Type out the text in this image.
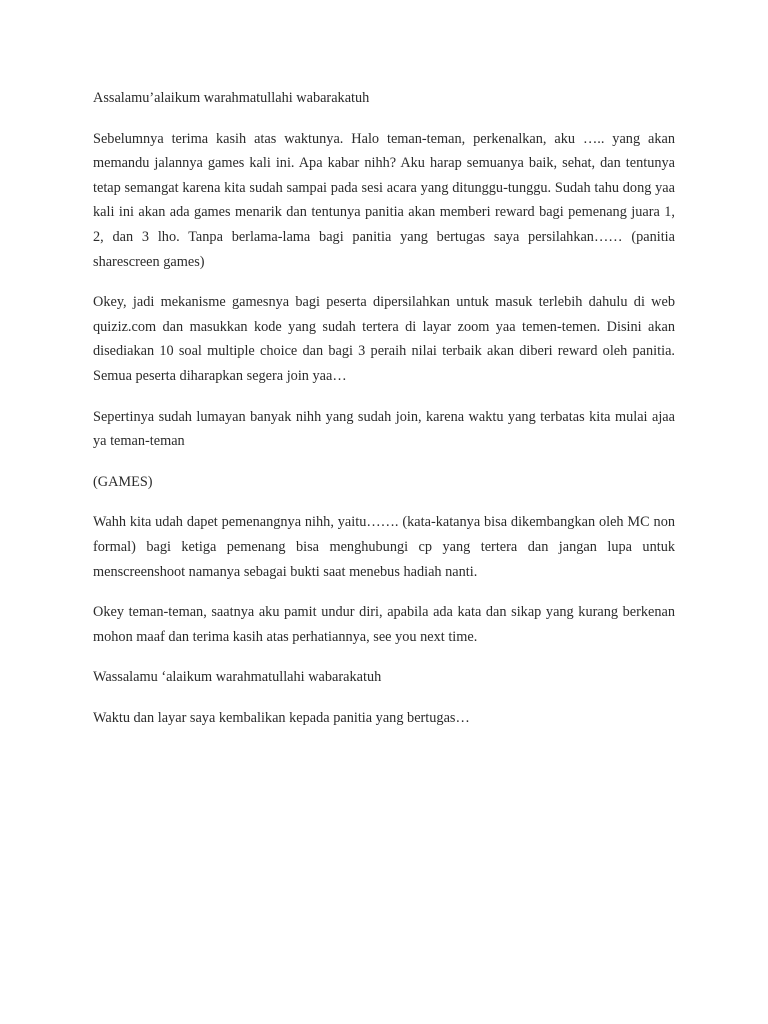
Assalamu’alaikum warahmatullahi wabarakatuh

Sebelumnya terima kasih atas waktunya. Halo teman-teman, perkenalkan, aku ….. yang akan memandu jalannya games kali ini. Apa kabar nihh? Aku harap semuanya baik, sehat, dan tentunya tetap semangat karena kita sudah sampai pada sesi acara yang ditunggu-tunggu. Sudah tahu dong yaa kali ini akan ada games menarik dan tentunya panitia akan memberi reward bagi pemenang juara 1, 2, dan 3 lho. Tanpa berlama-lama bagi panitia yang bertugas saya persilahkan…… (panitia sharescreen games)

Okey, jadi mekanisme gamesnya bagi peserta dipersilahkan untuk masuk terlebih dahulu di web quiziz.com dan masukkan kode yang sudah tertera di layar zoom yaa temen-temen. Disini akan disediakan 10 soal multiple choice dan bagi 3 peraih nilai terbaik akan diberi reward oleh panitia. Semua peserta diharapkan segera join yaa…

Sepertinya sudah lumayan banyak nihh yang sudah join, karena waktu yang terbatas kita mulai ajaa ya teman-teman

(GAMES)

Wahh kita udah dapet pemenangnya nihh, yaitu……. (kata-katanya bisa dikembangkan oleh MC non formal) bagi ketiga pemenang bisa menghubungi cp yang tertera dan jangan lupa untuk menscreenshoot namanya sebagai bukti saat menebus hadiah nanti.

Okey teman-teman, saatnya aku pamit undur diri, apabila ada kata dan sikap yang kurang berkenan mohon maaf dan terima kasih atas perhatiannya, see you next time.

Wassalamu ‘alaikum warahmatullahi wabarakatuh

Waktu dan layar saya kembalikan kepada panitia yang bertugas…
